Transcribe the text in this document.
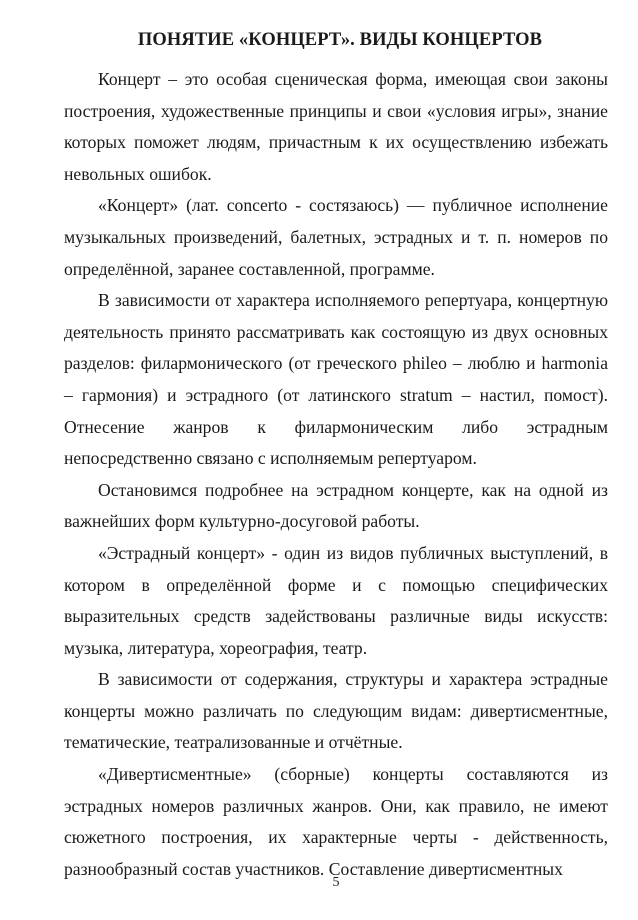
ПОНЯТИЕ «КОНЦЕРТ». ВИДЫ КОНЦЕРТОВ

Концерт – это особая сценическая форма, имеющая свои законы построения, художественные принципы и свои «условия игры», знание которых поможет людям, причастным к их осуществлению избежать невольных ошибок.

«Концерт» (лат. concerto - состязаюсь) — публичное исполнение музыкальных произведений, балетных, эстрадных и т. п. номеров по определённой, заранее составленной, программе.

В зависимости от характера исполняемого репертуара, концертную деятельность принято рассматривать как состоящую из двух основных разделов: филармонического (от греческого phileo – люблю и harmonia – гармония) и эстрадного (от латинского stratum – настил, помост). Отнесение жанров к филармоническим либо эстрадным непосредственно связано с исполняемым репертуаром.

Остановимся подробнее на эстрадном концерте, как на одной из важнейших форм культурно-досуговой работы.

«Эстрадный концерт» - один из видов публичных выступлений, в котором в определённой форме и с помощью специфических выразительных средств задействованы различные виды искусств: музыка, литература, хореография, театр.

В зависимости от содержания, структуры и характера эстрадные концерты можно различать по следующим видам: дивертисментные, тематические, театрализованные и отчётные.

«Дивертисментные» (сборные) концерты составляются из эстрадных номеров различных жанров. Они, как правило, не имеют сюжетного построения, их характерные черты - действенность, разнообразный состав участников. Составление дивертисментных

5
